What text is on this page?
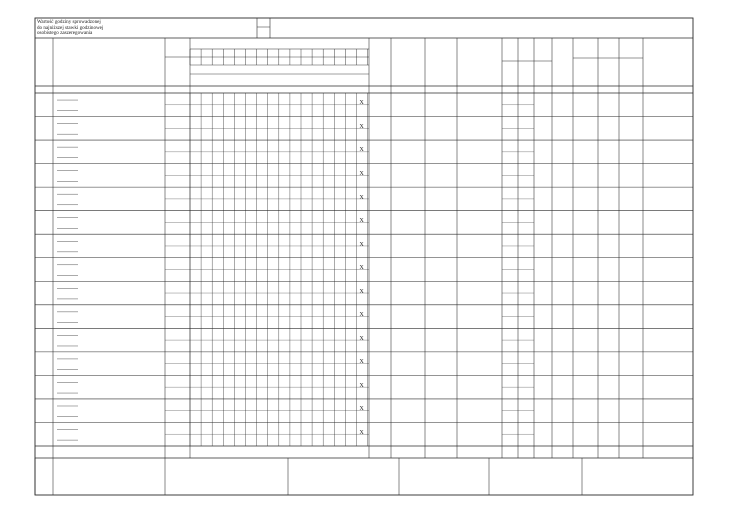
X
X
X
X
X
X
X
X
X
X
X
X
X
X
X
Wartość godziny sprowadzonej
do najniższej stawki godzinowej
osobistego zaszeregowania
